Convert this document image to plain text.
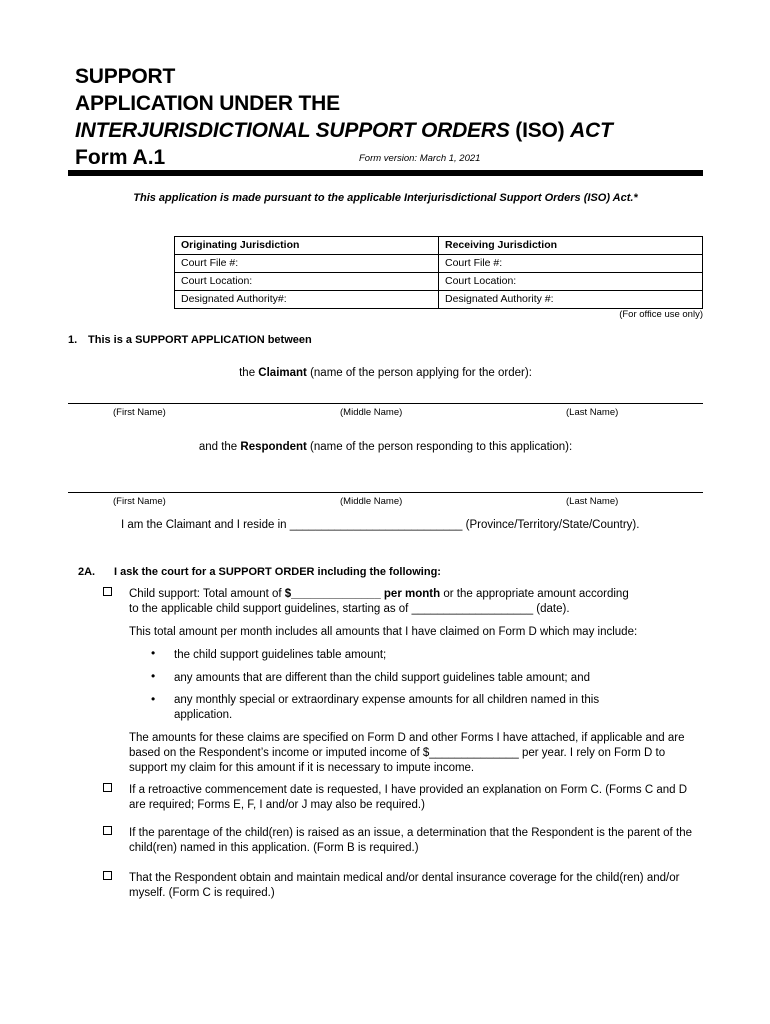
SUPPORT
APPLICATION UNDER THE
INTERJURISDICTIONAL SUPPORT ORDERS (ISO) ACT
Form A.1	Form version: March 1, 2021
This application is made pursuant to the applicable Interjurisdictional Support Orders (ISO) Act.*
Originating Jurisdiction	Receiving Jurisdiction
Court File #:	Court File #:
Court Location:	Court Location:
Designated Authority#:	Designated Authority #:
(For office use only)
1. This is a SUPPORT APPLICATION between
the Claimant (name of the person applying for the order):
(First Name)	(Middle Name)	(Last Name)
and the Respondent (name of the person responding to this application):
(First Name)	(Middle Name)	(Last Name)
I am the Claimant and I reside in ___________________________ (Province/Territory/State/Country).
2A. I ask the court for a SUPPORT ORDER including the following:
Child support: Total amount of $______________ per month or the appropriate amount according
to the applicable child support guidelines, starting as of ___________________ (date).
This total amount per month includes all amounts that I have claimed on Form D which may include:
• the child support guidelines table amount;
• any amounts that are different than the child support guidelines table amount; and
• any monthly special or extraordinary expense amounts for all children named in this application.
The amounts for these claims are specified on Form D and other Forms I have attached, if applicable and are based on the Respondent’s income or imputed income of $______________ per year. I rely on Form D to support my claim for this amount if it is necessary to impute income.
If a retroactive commencement date is requested, I have provided an explanation on Form C. (Forms C and D are required; Forms E, F, I and/or J may also be required.)
If the parentage of the child(ren) is raised as an issue, a determination that the Respondent is the parent of the child(ren) named in this application. (Form B is required.)
That the Respondent obtain and maintain medical and/or dental insurance coverage for the child(ren) and/or myself. (Form C is required.)
